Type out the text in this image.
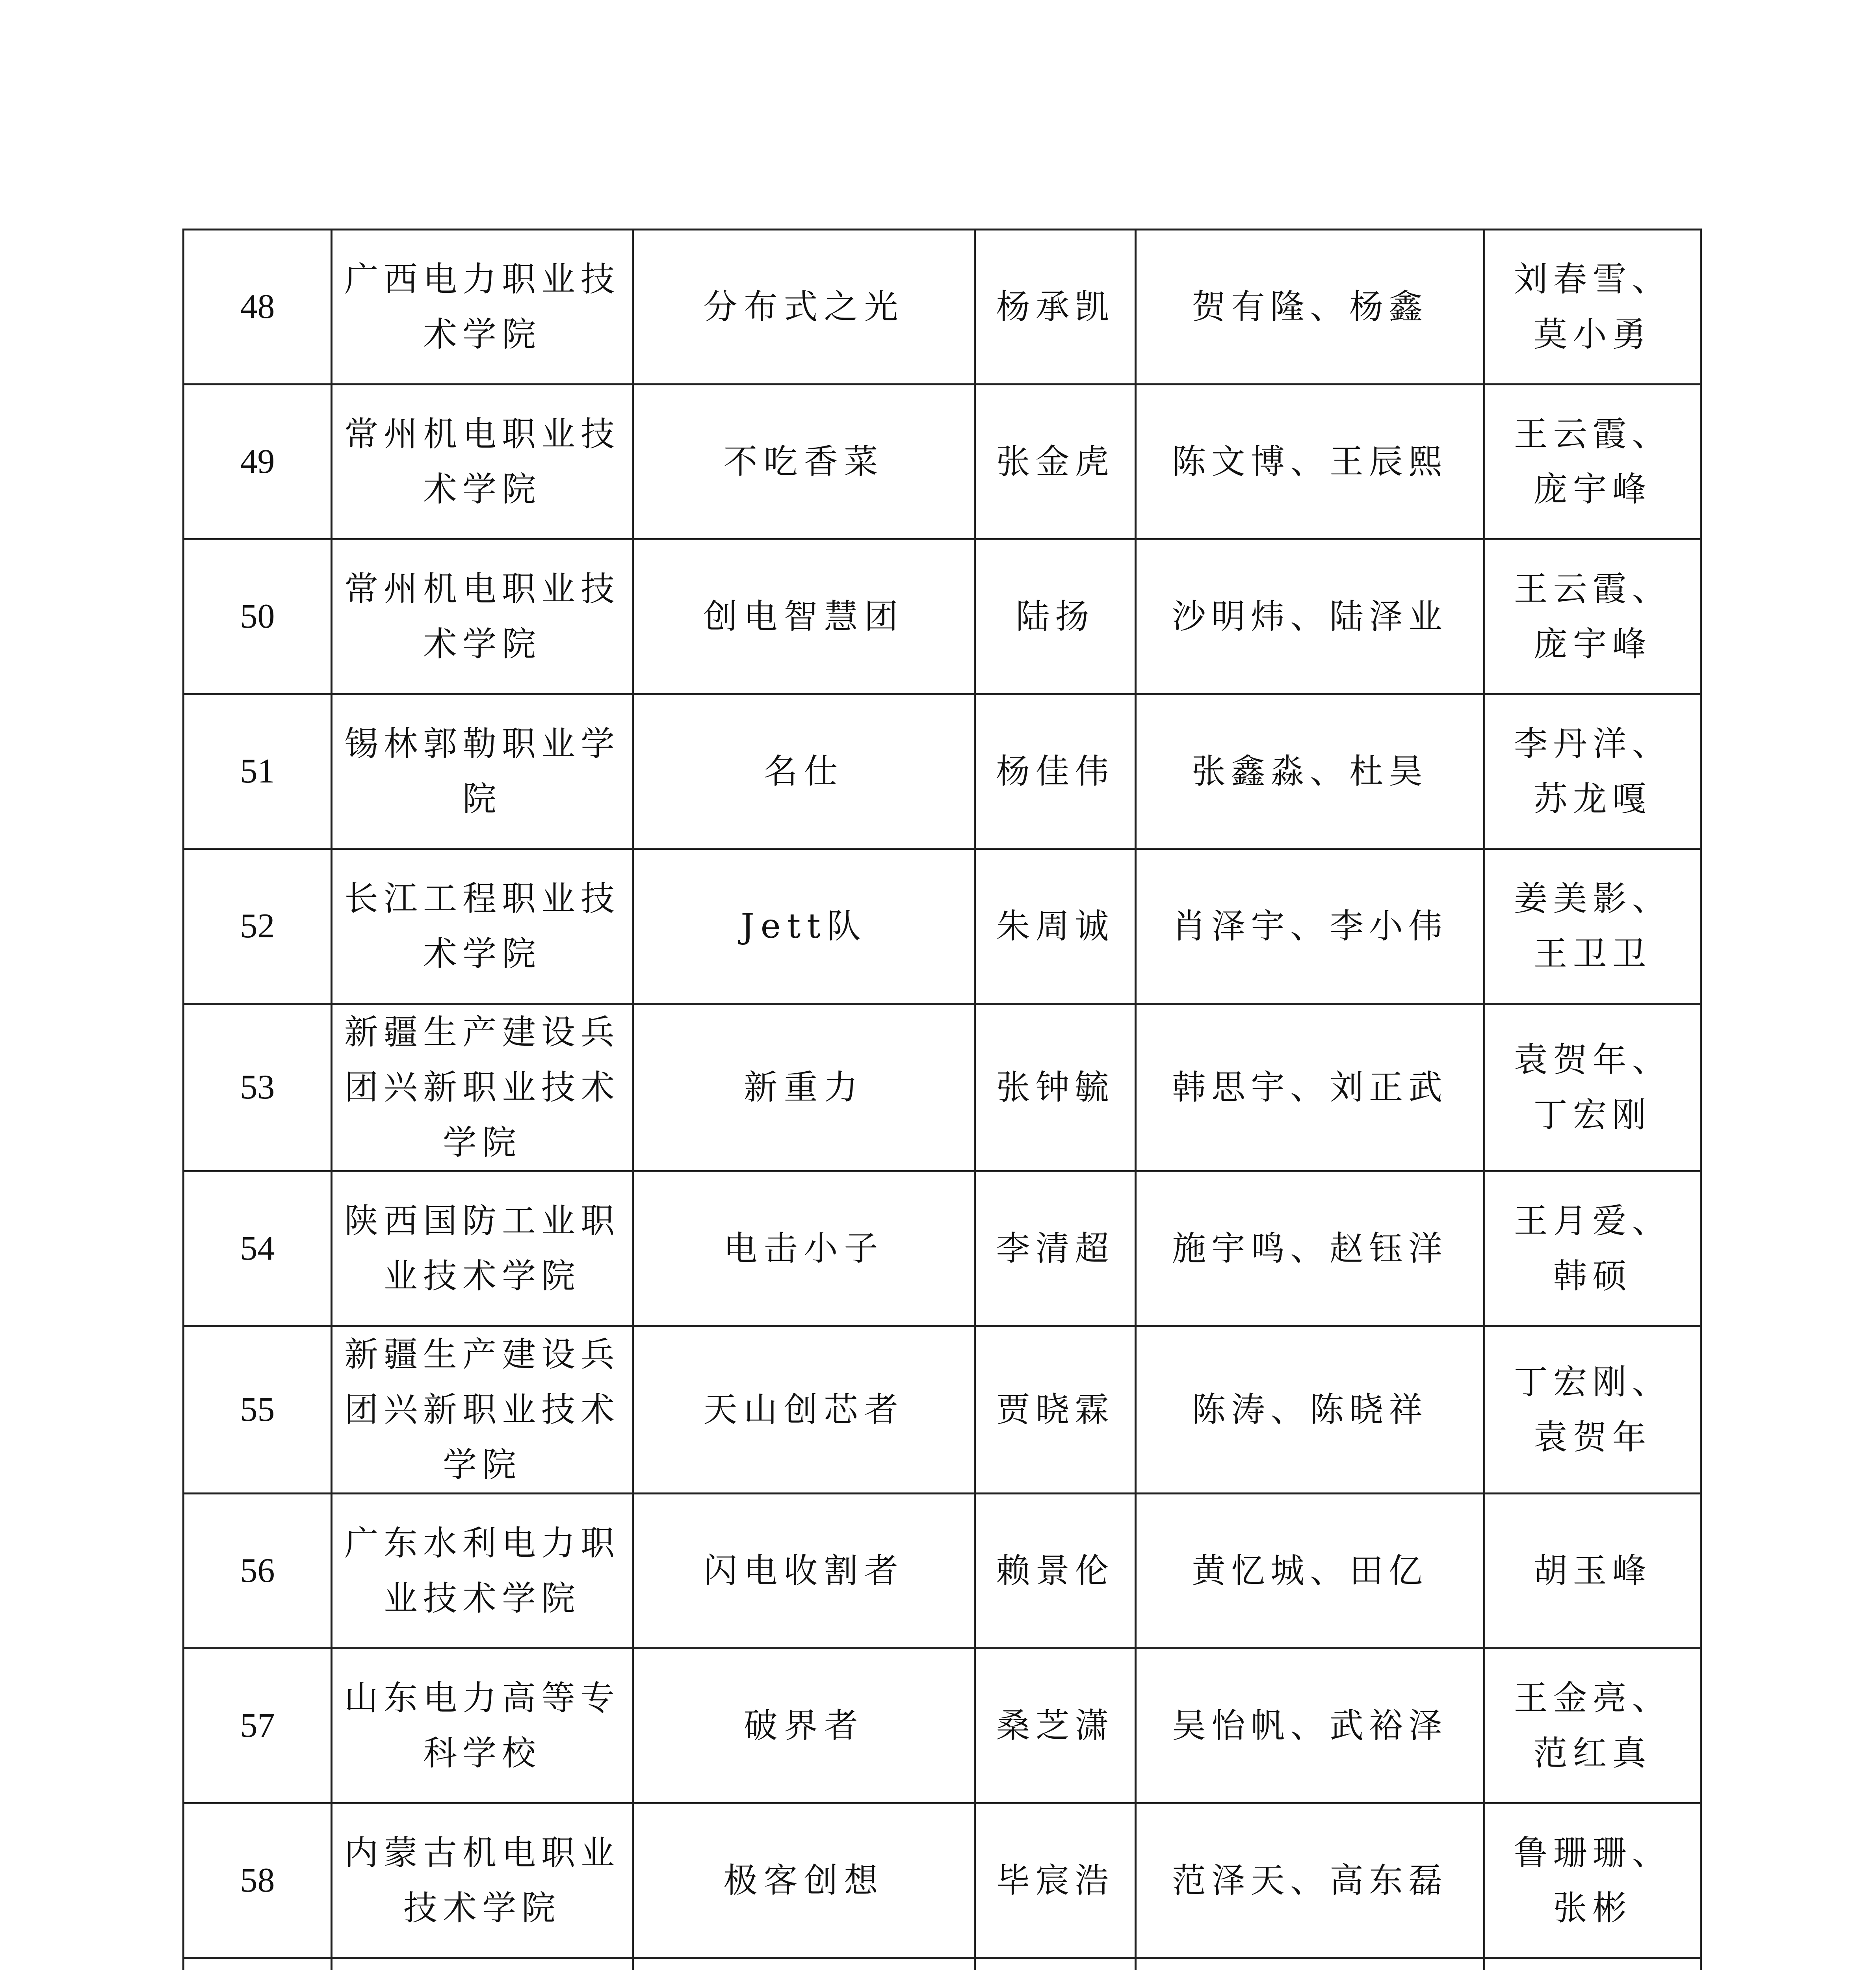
48	广西电力职业技术学院	分布式之光	杨承凯	贺有隆、杨鑫	刘春雪、莫小勇
49	常州机电职业技术学院	不吃香菜	张金虎	陈文博、王辰熙	王云霞、庞宇峰
50	常州机电职业技术学院	创电智慧团	陆扬	沙明炜、陆泽业	王云霞、庞宇峰
51	锡林郭勒职业学院	名仕	杨佳伟	张鑫淼、杜昊	李丹洋、苏龙嘎
52	长江工程职业技术学院	Jett队	朱周诚	肖泽宇、李小伟	姜美影、王卫卫
53	新疆生产建设兵团兴新职业技术学院	新重力	张钟毓	韩思宇、刘正武	袁贺年、丁宏刚
54	陕西国防工业职业技术学院	电击小子	李清超	施宇鸣、赵钰洋	王月爱、韩硕
55	新疆生产建设兵团兴新职业技术学院	天山创芯者	贾晓霖	陈涛、陈晓祥	丁宏刚、袁贺年
56	广东水利电力职业技术学院	闪电收割者	赖景伦	黄忆城、田亿	胡玉峰
57	山东电力高等专科学校	破界者	桑芝潇	吴怡帆、武裕泽	王金亮、范红真
58	内蒙古机电职业技术学院	极客创想	毕宸浩	范泽天、高东磊	鲁珊珊、张彬
